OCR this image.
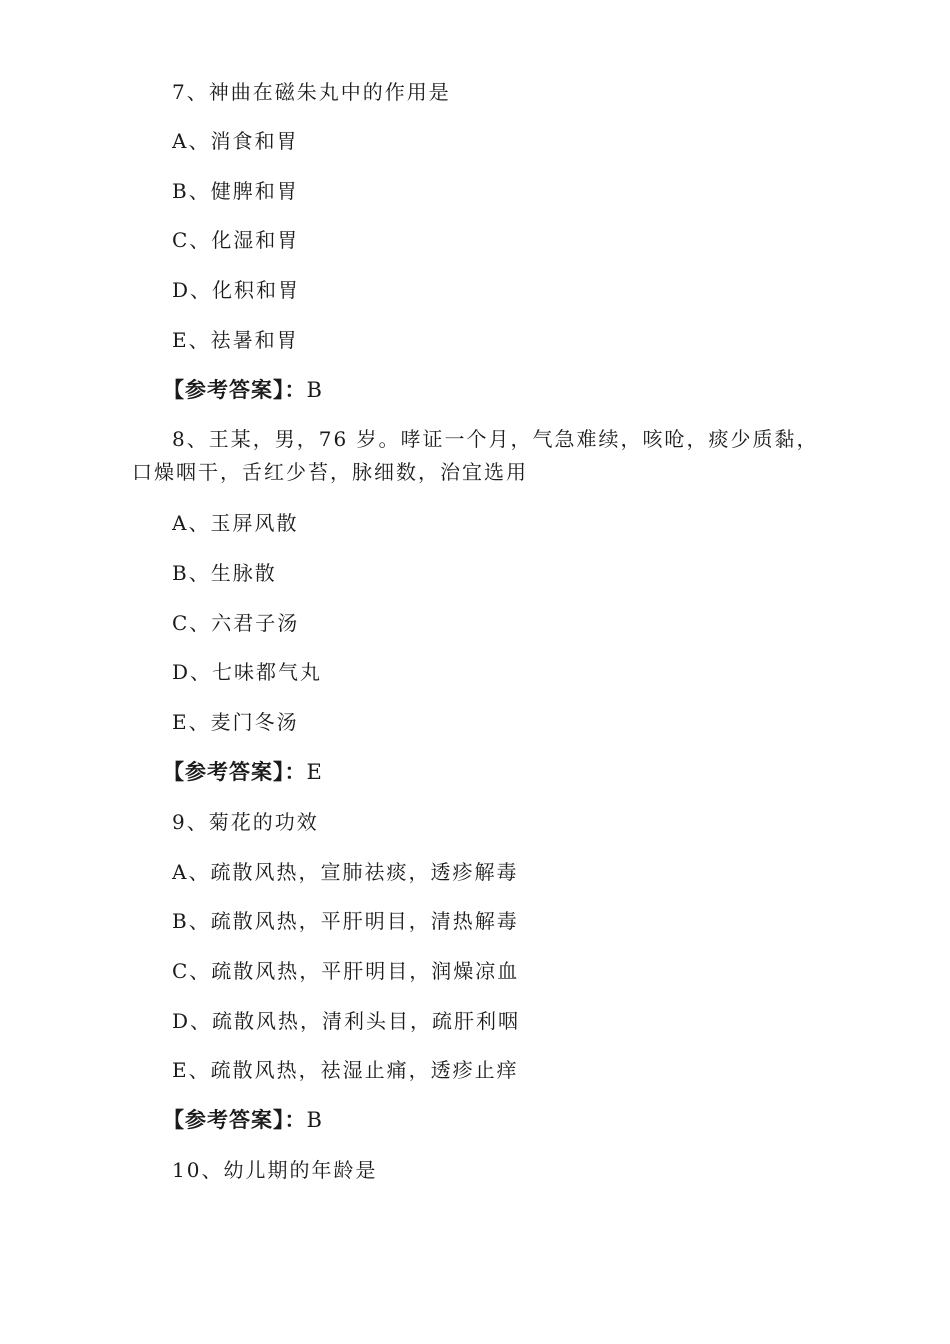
7、神曲在磁朱丸中的作用是
A、消食和胃
B、健脾和胃
C、化湿和胃
D、化积和胃
E、祛暑和胃
【参考答案】：B
8、王某，男，76 岁。哮证一个月，气急难续，咳呛，痰少质黏，口燥咽干，舌红少苔，脉细数，治宜选用
A、玉屏风散
B、生脉散
C、六君子汤
D、七味都气丸
E、麦门冬汤
【参考答案】：E
9、菊花的功效
A、疏散风热，宣肺祛痰，透疹解毒
B、疏散风热，平肝明目，清热解毒
C、疏散风热，平肝明目，润燥凉血
D、疏散风热，清利头目，疏肝利咽
E、疏散风热，祛湿止痛，透疹止痒
【参考答案】：B
10、幼儿期的年龄是
